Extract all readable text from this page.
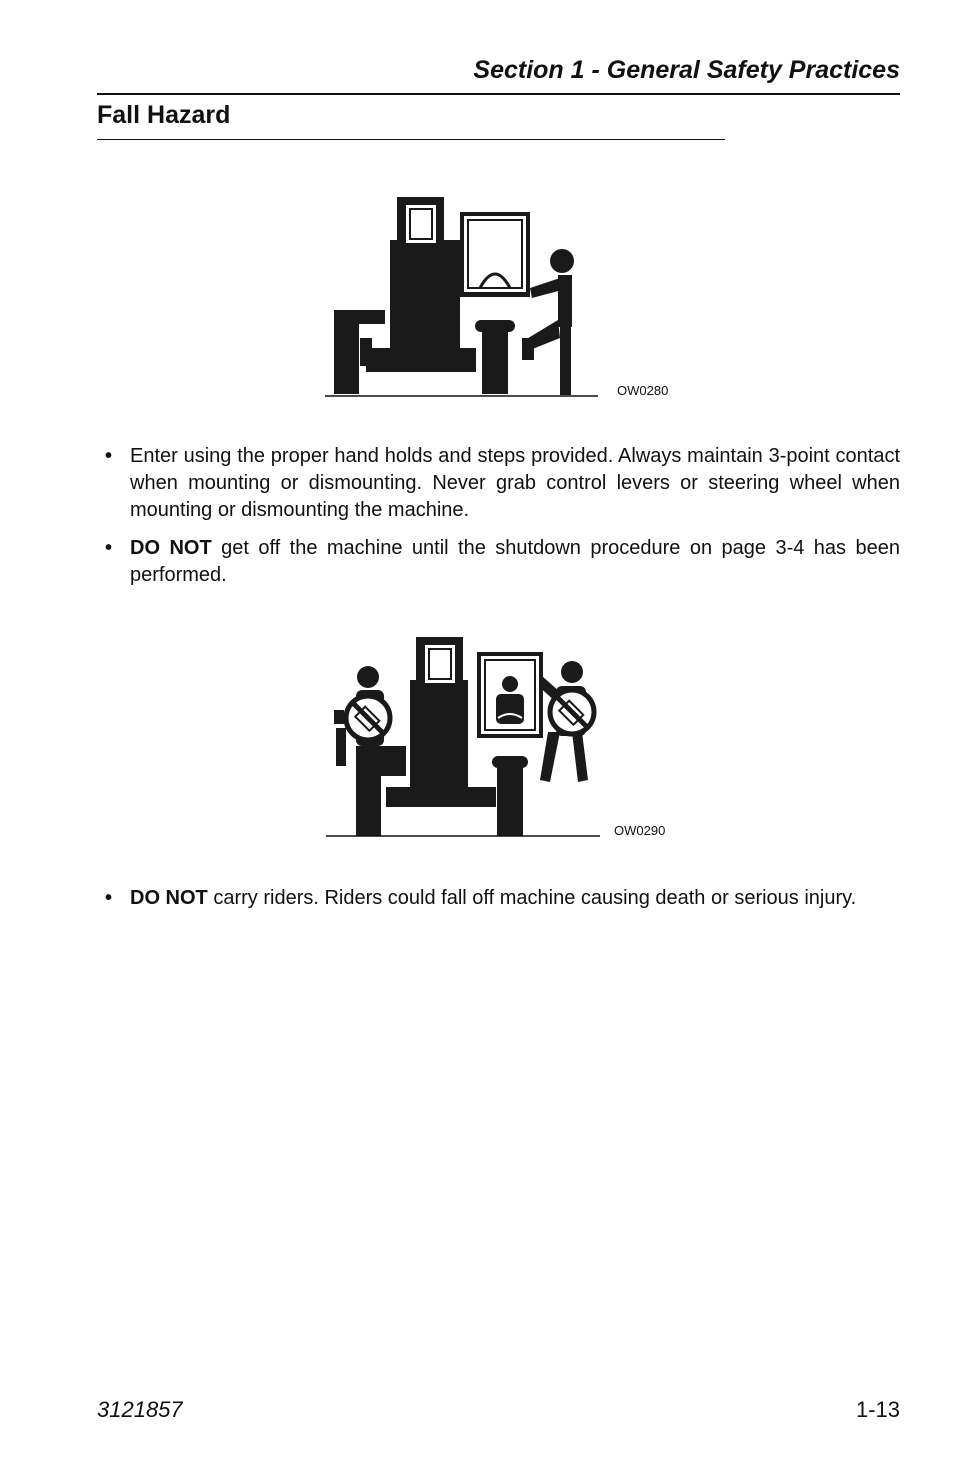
Section 1 - General Safety Practices
Fall Hazard
OW0280
• Enter using the proper hand holds and steps provided. Always maintain 3-point contact when mounting or dismounting. Never grab control levers or steering wheel when mounting or dismounting the machine.
• DO NOT get off the machine until the shutdown procedure on page 3-4 has been performed.
OW0290
• DO NOT carry riders. Riders could fall off machine causing death or serious injury.
3121857	1-13
